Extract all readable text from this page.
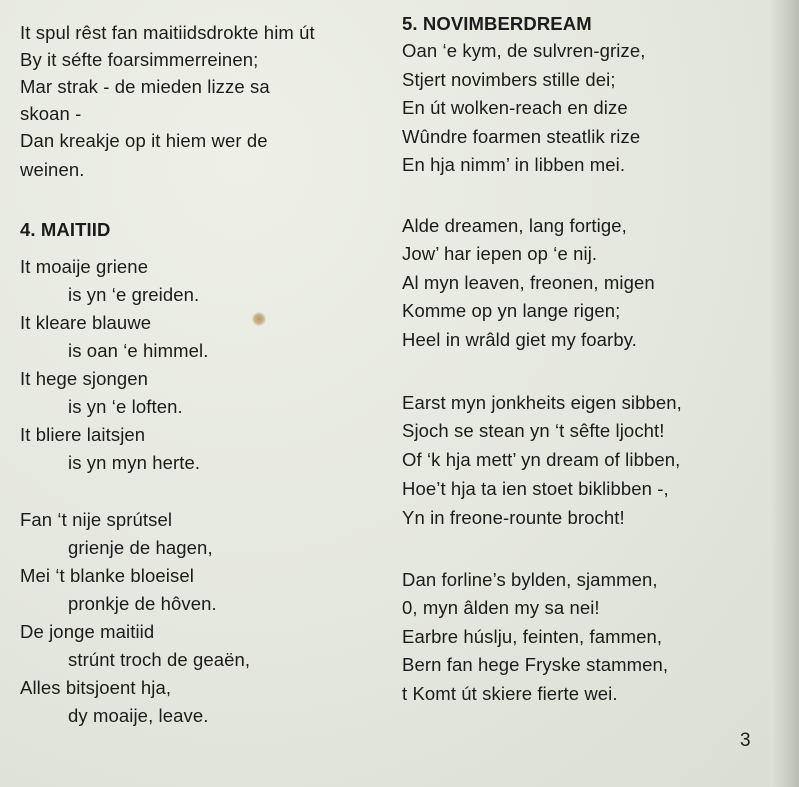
It spul rêst fan maitiidsdrokte him út
By it séfte foarsimmerreinen;
Mar strak - de mieden lizze sa
skoan -
Dan kreakje op it hiem wer de
weinen.
4. MAITIID
It moaije griene
is yn ‘e greiden.
It kleare blauwe
is oan ‘e himmel.
It hege sjongen
is yn ‘e loften.
It bliere laitsjen
is yn myn herte.
Fan ‘t nije sprútsel
grienje de hagen,
Mei ‘t blanke bloeisel
pronkje de hôven.
De jonge maitiid
strúnt troch de geaën,
Alles bitsjoent hja,
dy moaije, leave.
5. NOVIMBERDREAM
Oan ‘e kym, de sulvren-grize,
Stjert novimbers stille dei;
En út wolken-reach en dize
Wûndre foarmen steatlik rize
En hja nimm’ in libben mei.
Alde dreamen, lang fortige,
Jow’ har iepen op ‘e nij.
Al myn leaven, freonen, migen
Komme op yn lange rigen;
Heel in wrâld giet my foarby.
Earst myn jonkheits eigen sibben,
Sjoch se stean yn ‘t sêfte ljocht!
Of ‘k hja mett’ yn dream of libben,
Hoe’t hja ta ien stoet biklibben -,
Yn in freone-rounte brocht!
Dan forline’s bylden, sjammen,
0, myn âlden my sa nei!
Earbre húslju, feinten, fammen,
Bern fan hege Fryske stammen,
t Komt út skiere fierte wei.
3
